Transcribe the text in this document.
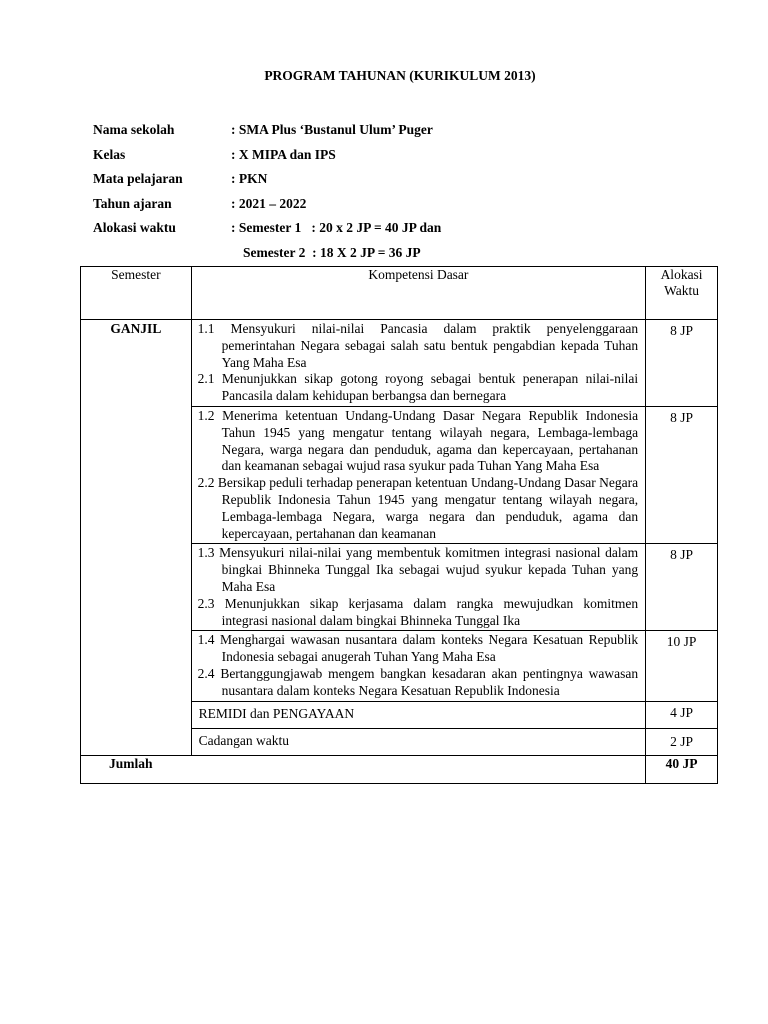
PROGRAM TAHUNAN (KURIKULUM 2013)
Nama sekolah	: SMA Plus ‘Bustanul Ulum’ Puger
Kelas	: X MIPA dan IPS
Mata pelajaran	: PKN
Tahun ajaran	: 2021 – 2022
Alokasi waktu	: Semester 1   : 20 x 2 JP = 40 JP dan
Semester 2  : 18 X 2 JP = 36 JP
Semester	Kompetensi Dasar	Alokasi Waktu
GANJIL	1.1 Mensyukuri nilai-nilai Pancasia dalam praktik penyelenggaraan pemerintahan Negara sebagai salah satu bentuk pengabdian kepada Tuhan Yang Maha Esa
2.1 Menunjukkan sikap gotong royong sebagai bentuk penerapan nilai-nilai Pancasila dalam kehidupan berbangsa dan bernegara	8 JP

	1.2 Menerima ketentuan Undang-Undang Dasar Negara Republik Indonesia Tahun 1945 yang mengatur tentang wilayah negara, Lembaga-lembaga Negara, warga negara dan penduduk, agama dan kepercayaan, pertahanan dan keamanan sebagai wujud rasa syukur pada Tuhan Yang Maha Esa
2.2 Bersikap peduli terhadap penerapan ketentuan Undang-Undang Dasar Negara Republik Indonesia Tahun 1945 yang mengatur tentang wilayah negara, Lembaga-lembaga Negara, warga negara dan penduduk, agama dan kepercayaan, pertahanan dan keamanan	8 JP

	1.3 Mensyukuri nilai-nilai yang membentuk komitmen integrasi nasional dalam bingkai Bhinneka Tunggal Ika sebagai wujud syukur kepada Tuhan yang Maha Esa
2.3 Menunjukkan sikap kerjasama dalam rangka mewujudkan komitmen integrasi nasional dalam bingkai Bhinneka Tunggal Ika	8 JP

	1.4 Menghargai wawasan nusantara dalam konteks Negara Kesatuan Republik Indonesia sebagai anugerah Tuhan Yang Maha Esa
2.4 Bertanggungjawab mengem bangkan kesadaran akan pentingnya wawasan nusantara dalam konteks Negara Kesatuan Republik Indonesia	10 JP
	REMIDI dan PENGAYAAN	4 JP
	Cadangan waktu	2 JP
Jumlah		40 JP
